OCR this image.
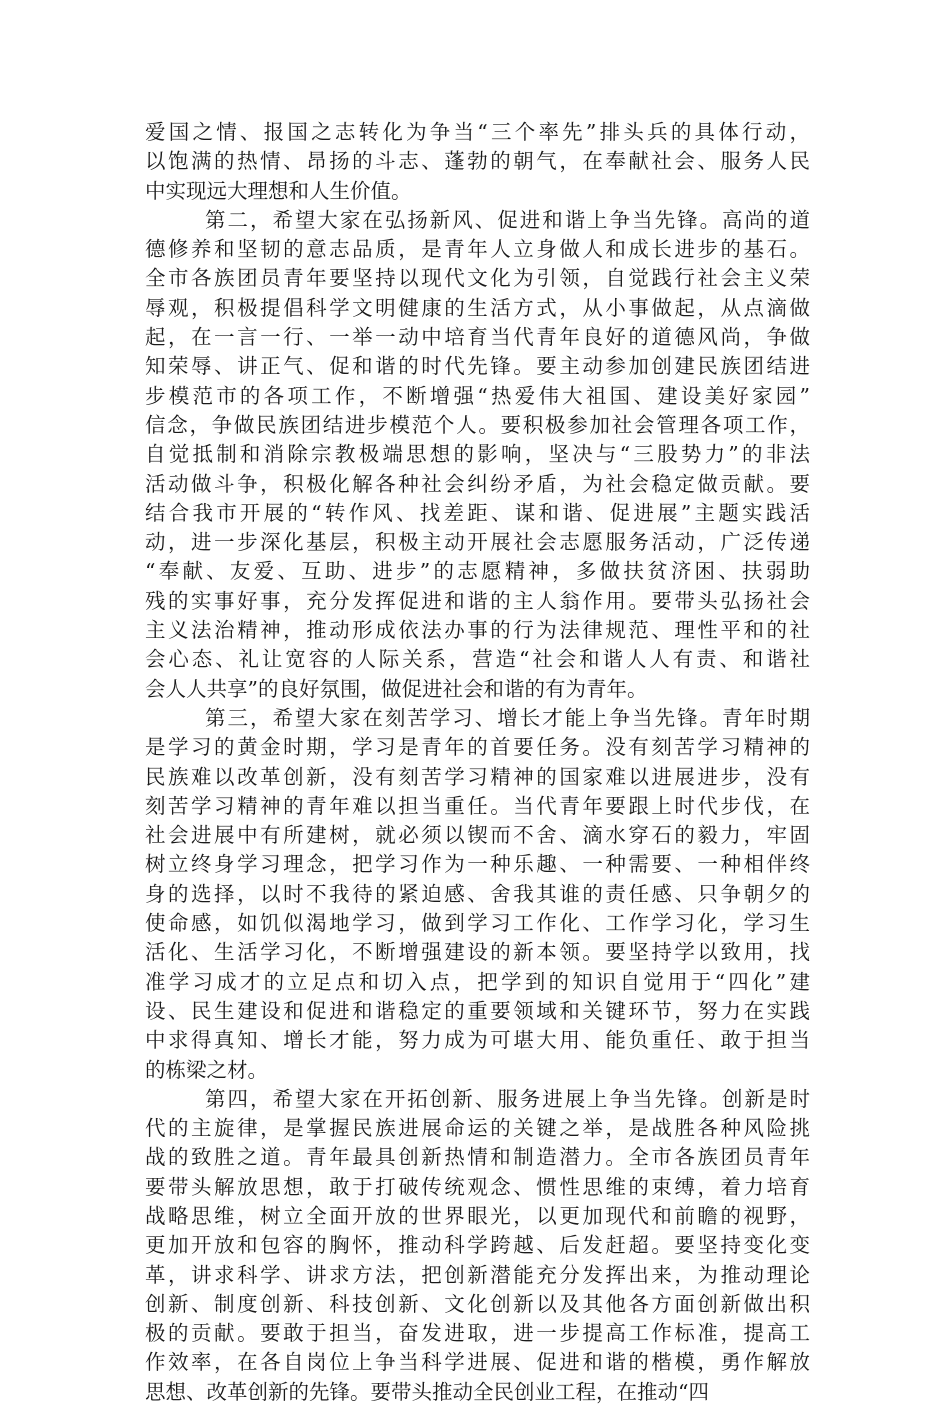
爱国之情、报国之志转化为争当“三个率先”排头兵的具体行动，
以饱满的热情、昂扬的斗志、蓬勃的朝气，在奉献社会、服务人民
中实现远大理想和人生价值。
第二，希望大家在弘扬新风、促进和谐上争当先锋。高尚的道
德修养和坚韧的意志品质，是青年人立身做人和成长进步的基石。
全市各族团员青年要坚持以现代文化为引领，自觉践行社会主义荣
辱观，积极提倡科学文明健康的生活方式，从小事做起，从点滴做
起，在一言一行、一举一动中培育当代青年良好的道德风尚，争做
知荣辱、讲正气、促和谐的时代先锋。要主动参加创建民族团结进
步模范市的各项工作，不断增强“热爱伟大祖国、建设美好家园”
信念，争做民族团结进步模范个人。要积极参加社会管理各项工作，
自觉抵制和消除宗教极端思想的影响，坚决与“三股势力”的非法
活动做斗争，积极化解各种社会纠纷矛盾，为社会稳定做贡献。要
结合我市开展的“转作风、找差距、谋和谐、促进展”主题实践活
动，进一步深化基层，积极主动开展社会志愿服务活动，广泛传递
“奉献、友爱、互助、进步”的志愿精神，多做扶贫济困、扶弱助
残的实事好事，充分发挥促进和谐的主人翁作用。要带头弘扬社会
主义法治精神，推动形成依法办事的行为法律规范、理性平和的社
会心态、礼让宽容的人际关系，营造“社会和谐人人有责、和谐社
会人人共享”的良好氛围，做促进社会和谐的有为青年。
第三，希望大家在刻苦学习、增长才能上争当先锋。青年时期
是学习的黄金时期，学习是青年的首要任务。没有刻苦学习精神的
民族难以改革创新，没有刻苦学习精神的国家难以进展进步，没有
刻苦学习精神的青年难以担当重任。当代青年要跟上时代步伐，在
社会进展中有所建树，就必须以锲而不舍、滴水穿石的毅力，牢固
树立终身学习理念，把学习作为一种乐趣、一种需要、一种相伴终
身的选择，以时不我待的紧迫感、舍我其谁的责任感、只争朝夕的
使命感，如饥似渴地学习，做到学习工作化、工作学习化，学习生
活化、生活学习化，不断增强建设的新本领。要坚持学以致用，找
准学习成才的立足点和切入点，把学到的知识自觉用于“四化”建
设、民生建设和促进和谐稳定的重要领域和关键环节，努力在实践
中求得真知、增长才能，努力成为可堪大用、能负重任、敢于担当
的栋梁之材。
第四，希望大家在开拓创新、服务进展上争当先锋。创新是时
代的主旋律，是掌握民族进展命运的关键之举，是战胜各种风险挑
战的致胜之道。青年最具创新热情和制造潜力。全市各族团员青年
要带头解放思想，敢于打破传统观念、惯性思维的束缚，着力培育
战略思维，树立全面开放的世界眼光，以更加现代和前瞻的视野，
更加开放和包容的胸怀，推动科学跨越、后发赶超。要坚持变化变
革，讲求科学、讲求方法，把创新潜能充分发挥出来，为推动理论
创新、制度创新、科技创新、文化创新以及其他各方面创新做出积
极的贡献。要敢于担当，奋发进取，进一步提高工作标准，提高工
作效率，在各自岗位上争当科学进展、促进和谐的楷模，勇作解放
思想、改革创新的先锋。要带头推动全民创业工程，在推动“四
